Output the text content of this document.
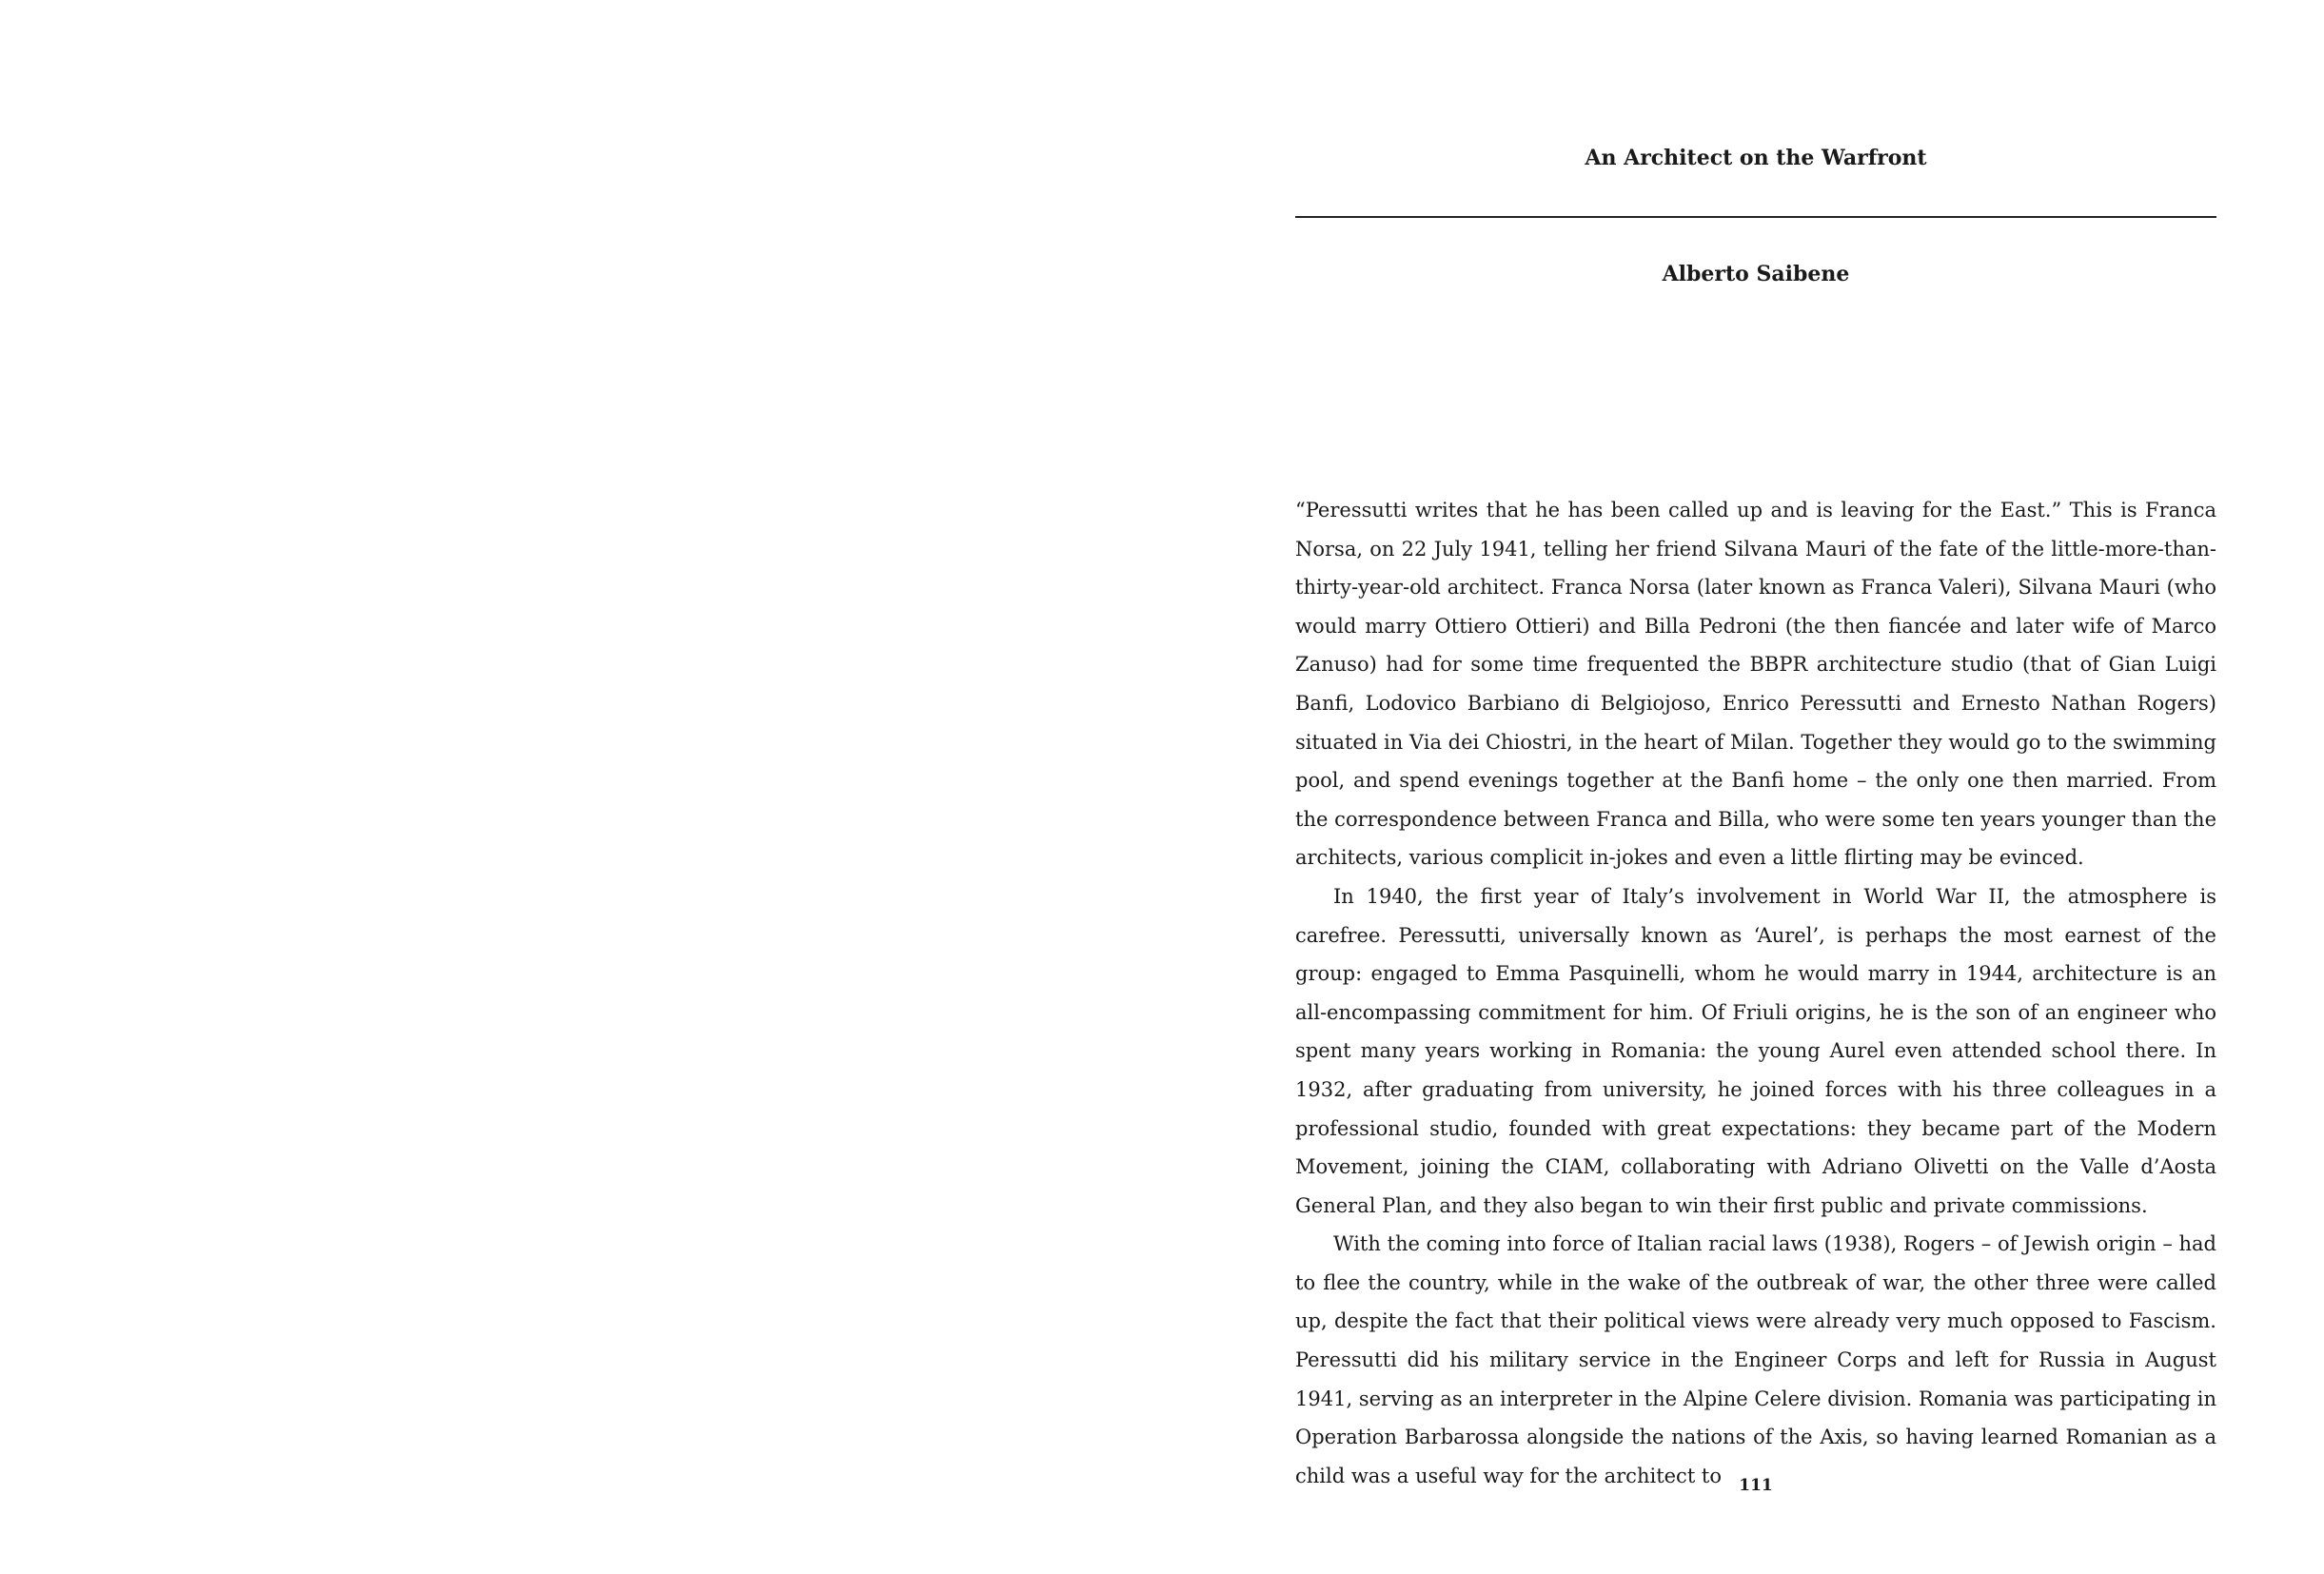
An Architect on the Warfront
Alberto Saibene

“Peressutti writes that he has been called up and is leaving for the East.” This is Franca Norsa, on 22 July 1941, telling her friend Silvana Mauri of the fate of the little-more-than-thirty-year-old architect. Franca Norsa (later known as Franca Valeri), Silvana Mauri (who would marry Ottiero Ottieri) and Billa Pedroni (the then fiancée and later wife of Marco Zanuso) had for some time frequented the BBPR architecture studio (that of Gian Luigi Banfi, Lodovico Barbiano di Belgiojoso, Enrico Peressutti and Ernesto Nathan Rogers) situated in Via dei Chiostri, in the heart of Milan. Together they would go to the swimming pool, and spend evenings together at the Banfi home – the only one then married. From the correspondence between Franca and Billa, who were some ten years younger than the architects, various complicit in-jokes and even a little flirting may be evinced.

In 1940, the first year of Italy’s involvement in World War II, the atmosphere is carefree. Peressutti, universally known as ‘Aurel’, is perhaps the most earnest of the group: engaged to Emma Pasquinelli, whom he would marry in 1944, architecture is an all-encompassing commitment for him. Of Friuli origins, he is the son of an engineer who spent many years working in Romania: the young Aurel even attended school there. In 1932, after graduating from university, he joined forces with his three colleagues in a professional studio, founded with great expectations: they became part of the Modern Movement, joining the CIAM, collaborating with Adriano Olivetti on the Valle d’Aosta General Plan, and they also began to win their first public and private commissions.

With the coming into force of Italian racial laws (1938), Rogers – of Jewish origin – had to flee the country, while in the wake of the outbreak of war, the other three were called up, despite the fact that their political views were already very much opposed to Fascism. Peressutti did his military service in the Engineer Corps and left for Russia in August 1941, serving as an interpreter in the Alpine Celere division. Romania was participating in Operation Barbarossa alongside the nations of the Axis, so having learned Romanian as a child was a useful way for the architect to	111
